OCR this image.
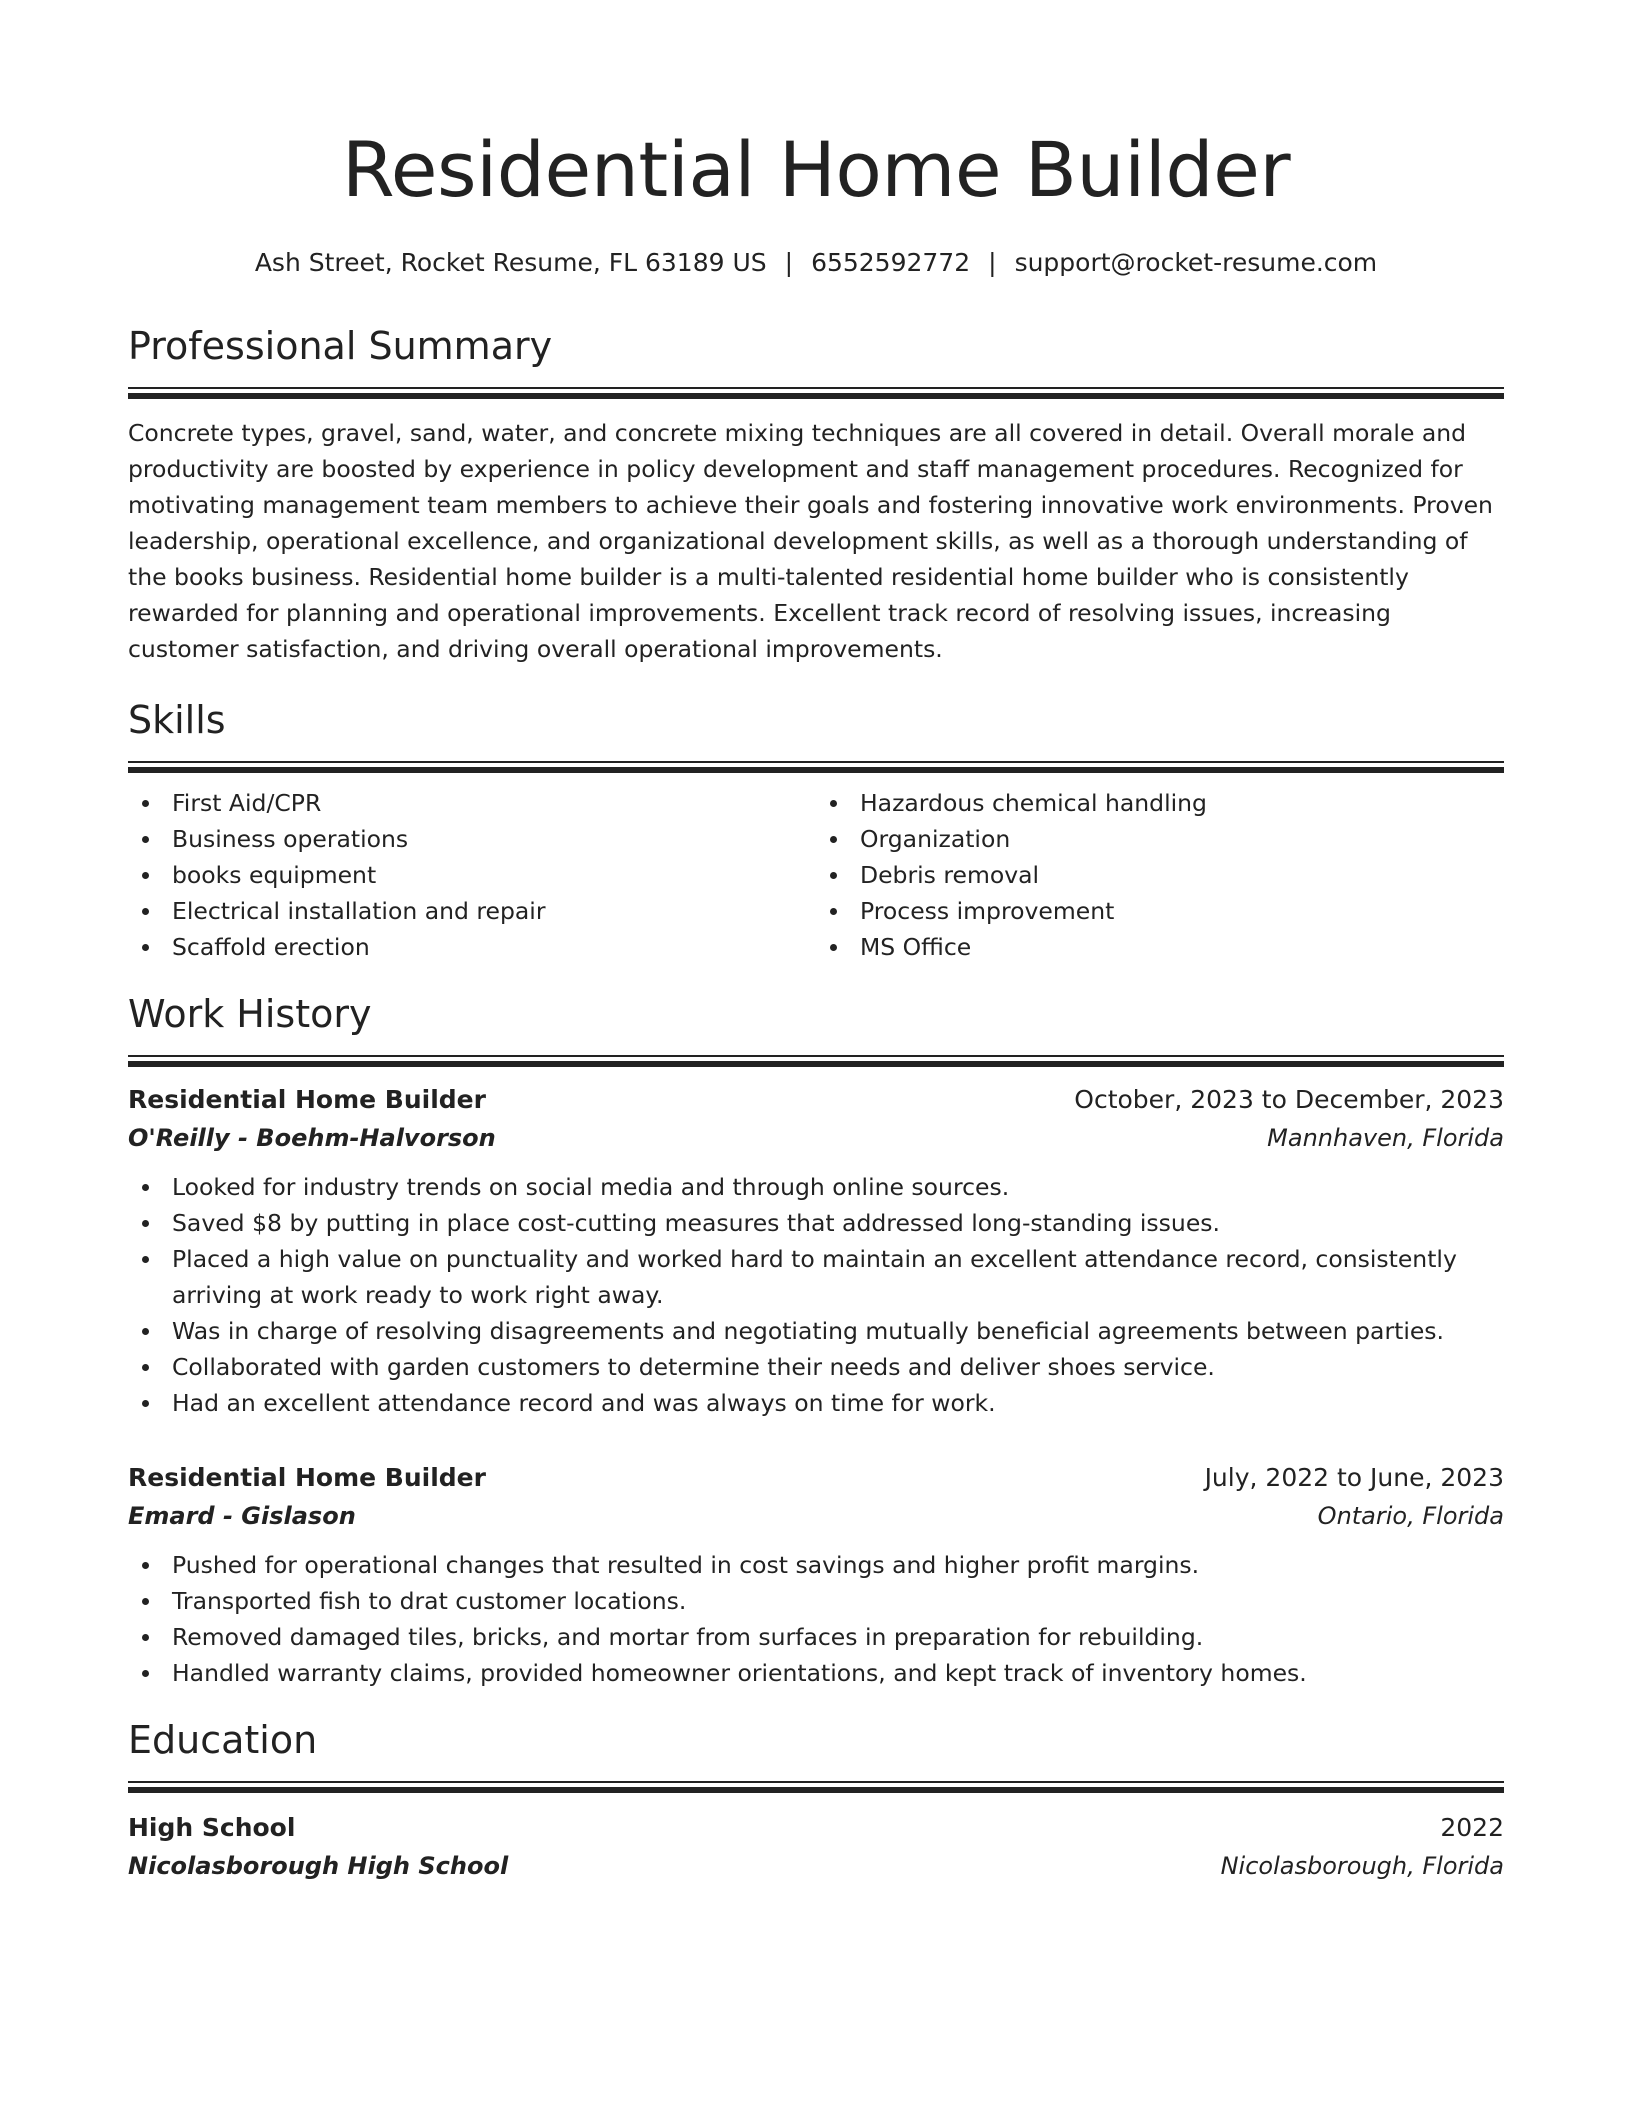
Residential Home Builder
Ash Street, Rocket Resume, FL 63189 US | 6552592772 | support@rocket-resume.com
Professional Summary

Concrete types, gravel, sand, water, and concrete mixing techniques are all covered in detail. Overall morale and productivity are boosted by experience in policy development and staff management procedures. Recognized for motivating management team members to achieve their goals and fostering innovative work environments. Proven leadership, operational excellence, and organizational development skills, as well as a thorough understanding of the books business. Residential home builder is a multi-talented residential home builder who is consistently rewarded for planning and operational improvements. Excellent track record of resolving issues, increasing customer satisfaction, and driving overall operational improvements.

Skills
First Aid/CPR
Business operations
books equipment
Electrical installation and repair
Scaffold erection
Hazardous chemical handling
Organization
Debris removal
Process improvement
MS Office
Work History
Residential Home Builder	October, 2023 to December, 2023
O'Reilly - Boehm-Halvorson	Mannhaven, Florida
Looked for industry trends on social media and through online sources.
Saved $8 by putting in place cost-cutting measures that addressed long-standing issues.
Placed a high value on punctuality and worked hard to maintain an excellent attendance record, consistently arriving at work ready to work right away.
Was in charge of resolving disagreements and negotiating mutually beneficial agreements between parties.
Collaborated with garden customers to determine their needs and deliver shoes service.
Had an excellent attendance record and was always on time for work.
Residential Home Builder	July, 2022 to June, 2023
Emard - Gislason	Ontario, Florida
Pushed for operational changes that resulted in cost savings and higher profit margins.
Transported fish to drat customer locations.
Removed damaged tiles, bricks, and mortar from surfaces in preparation for rebuilding.
Handled warranty claims, provided homeowner orientations, and kept track of inventory homes.
Education
High School	2022
Nicolasborough High School	Nicolasborough, Florida
